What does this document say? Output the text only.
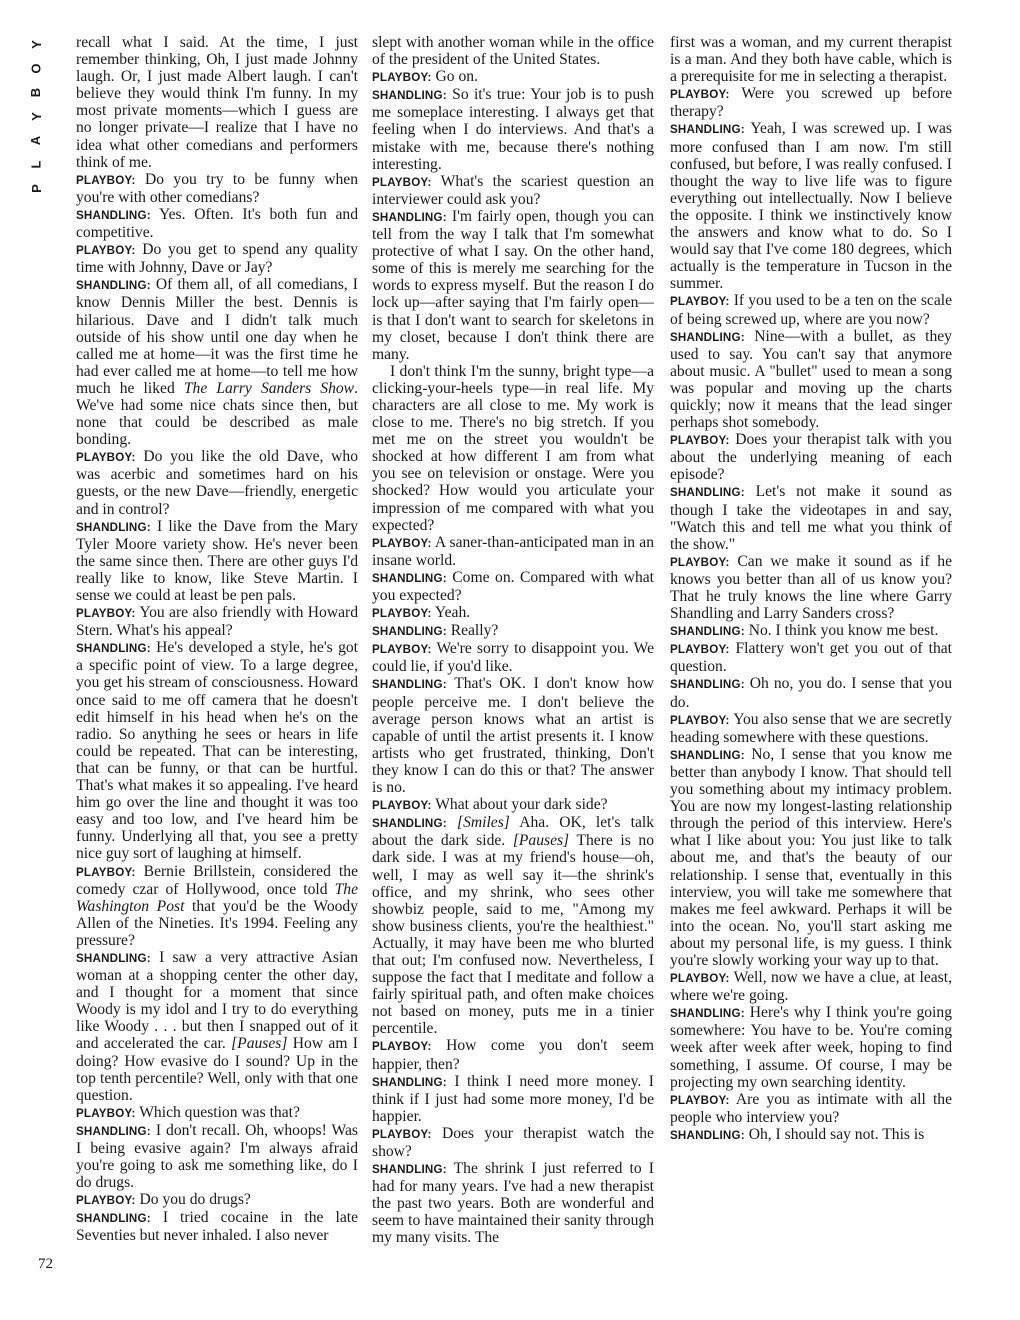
Y
O
B
Y
A
L
P

recall what I said. At the time, I just remember thinking, Oh, I just made Johnny laugh. Or, I just made Albert laugh. I can't believe they would think I'm funny. In my most private moments—which I guess are no longer private—I realize that I have no idea what other comedians and performers think of me.

PLAYBOY: Do you try to be funny when you're with other comedians?

SHANDLING: Yes. Often. It's both fun and competitive.

PLAYBOY: Do you get to spend any quality time with Johnny, Dave or Jay?

SHANDLING: Of them all, of all comedians, I know Dennis Miller the best. Dennis is hilarious. Dave and I didn't talk much outside of his show until one day when he called me at home—it was the first time he had ever called me at home—to tell me how much he liked The Larry Sanders Show. We've had some nice chats since then, but none that could be described as male bonding.

PLAYBOY: Do you like the old Dave, who was acerbic and sometimes hard on his guests, or the new Dave—friendly, energetic and in control?

SHANDLING: I like the Dave from the Mary Tyler Moore variety show. He's never been the same since then. There are other guys I'd really like to know, like Steve Martin. I sense we could at least be pen pals.

PLAYBOY: You are also friendly with Howard Stern. What's his appeal?

SHANDLING: He's developed a style, he's got a specific point of view. To a large degree, you get his stream of consciousness. Howard once said to me off camera that he doesn't edit himself in his head when he's on the radio. So anything he sees or hears in life could be repeated. That can be interesting, that can be funny, or that can be hurtful. That's what makes it so appealing. I've heard him go over the line and thought it was too easy and too low, and I've heard him be funny. Underlying all that, you see a pretty nice guy sort of laughing at himself.

PLAYBOY: Bernie Brillstein, considered the comedy czar of Hollywood, once told The Washington Post that you'd be the Woody Allen of the Nineties. It's 1994. Feeling any pressure?

SHANDLING: I saw a very attractive Asian woman at a shopping center the other day, and I thought for a moment that since Woody is my idol and I try to do everything like Woody . . . but then I snapped out of it and accelerated the car. [Pauses] How am I doing? How evasive do I sound? Up in the top tenth percentile? Well, only with that one question.

PLAYBOY: Which question was that?

SHANDLING: I don't recall. Oh, whoops! Was I being evasive again? I'm always afraid you're going to ask me something like, do I do drugs.

PLAYBOY: Do you do drugs?

SHANDLING: I tried cocaine in the late Seventies but never inhaled. I also never

slept with another woman while in the office of the president of the United States.

PLAYBOY: Go on.

SHANDLING: So it's true: Your job is to push me someplace interesting. I always get that feeling when I do interviews. And that's a mistake with me, because there's nothing interesting.

PLAYBOY: What's the scariest question an interviewer could ask you?

SHANDLING: I'm fairly open, though you can tell from the way I talk that I'm somewhat protective of what I say. On the other hand, some of this is merely me searching for the words to express myself. But the reason I do lock up—after saying that I'm fairly open—is that I don't want to search for skeletons in my closet, because I don't think there are many.

I don't think I'm the sunny, bright type—a clicking-your-heels type—in real life. My characters are all close to me. My work is close to me. There's no big stretch. If you met me on the street you wouldn't be shocked at how different I am from what you see on television or onstage. Were you shocked? How would you articulate your impression of me compared with what you expected?

PLAYBOY: A saner-than-anticipated man in an insane world.

SHANDLING: Come on. Compared with what you expected?

PLAYBOY: Yeah.

SHANDLING: Really?

PLAYBOY: We're sorry to disappoint you. We could lie, if you'd like.

SHANDLING: That's OK. I don't know how people perceive me. I don't believe the average person knows what an artist is capable of until the artist presents it. I know artists who get frustrated, thinking, Don't they know I can do this or that? The answer is no.

PLAYBOY: What about your dark side?

SHANDLING: [Smiles] Aha. OK, let's talk about the dark side. [Pauses] There is no dark side. I was at my friend's house—oh, well, I may as well say it—the shrink's office, and my shrink, who sees other showbiz people, said to me, "Among my show business clients, you're the healthiest." Actually, it may have been me who blurted that out; I'm confused now. Nevertheless, I suppose the fact that I meditate and follow a fairly spiritual path, and often make choices not based on money, puts me in a tinier percentile.

PLAYBOY: How come you don't seem happier, then?

SHANDLING: I think I need more money. I think if I just had some more money, I'd be happier.

PLAYBOY: Does your therapist watch the show?

SHANDLING: The shrink I just referred to I had for many years. I've had a new therapist the past two years. Both are wonderful and seem to have maintained their sanity through my many visits. The

first was a woman, and my current therapist is a man. And they both have cable, which is a prerequisite for me in selecting a therapist.

PLAYBOY: Were you screwed up before therapy?

SHANDLING: Yeah, I was screwed up. I was more confused than I am now. I'm still confused, but before, I was really confused. I thought the way to live life was to figure everything out intellectually. Now I believe the opposite. I think we instinctively know the answers and know what to do. So I would say that I've come 180 degrees, which actually is the temperature in Tucson in the summer.

PLAYBOY: If you used to be a ten on the scale of being screwed up, where are you now?

SHANDLING: Nine—with a bullet, as they used to say. You can't say that anymore about music. A "bullet" used to mean a song was popular and moving up the charts quickly; now it means that the lead singer perhaps shot somebody.

PLAYBOY: Does your therapist talk with you about the underlying meaning of each episode?

SHANDLING: Let's not make it sound as though I take the videotapes in and say, "Watch this and tell me what you think of the show."

PLAYBOY: Can we make it sound as if he knows you better than all of us know you? That he truly knows the line where Garry Shandling and Larry Sanders cross?

SHANDLING: No. I think you know me best.

PLAYBOY: Flattery won't get you out of that question.

SHANDLING: Oh no, you do. I sense that you do.

PLAYBOY: You also sense that we are secretly heading somewhere with these questions.

SHANDLING: No, I sense that you know me better than anybody I know. That should tell you something about my intimacy problem. You are now my longest-lasting relationship through the period of this interview. Here's what I like about you: You just like to talk about me, and that's the beauty of our relationship. I sense that, eventually in this interview, you will take me somewhere that makes me feel awkward. Perhaps it will be into the ocean. No, you'll start asking me about my personal life, is my guess. I think you're slowly working your way up to that.

PLAYBOY: Well, now we have a clue, at least, where we're going.

SHANDLING: Here's why I think you're going somewhere: You have to be. You're coming week after week after week, hoping to find something, I assume. Of course, I may be projecting my own searching identity.

PLAYBOY: Are you as intimate with all the people who interview you?

SHANDLING: Oh, I should say not. This is

72
